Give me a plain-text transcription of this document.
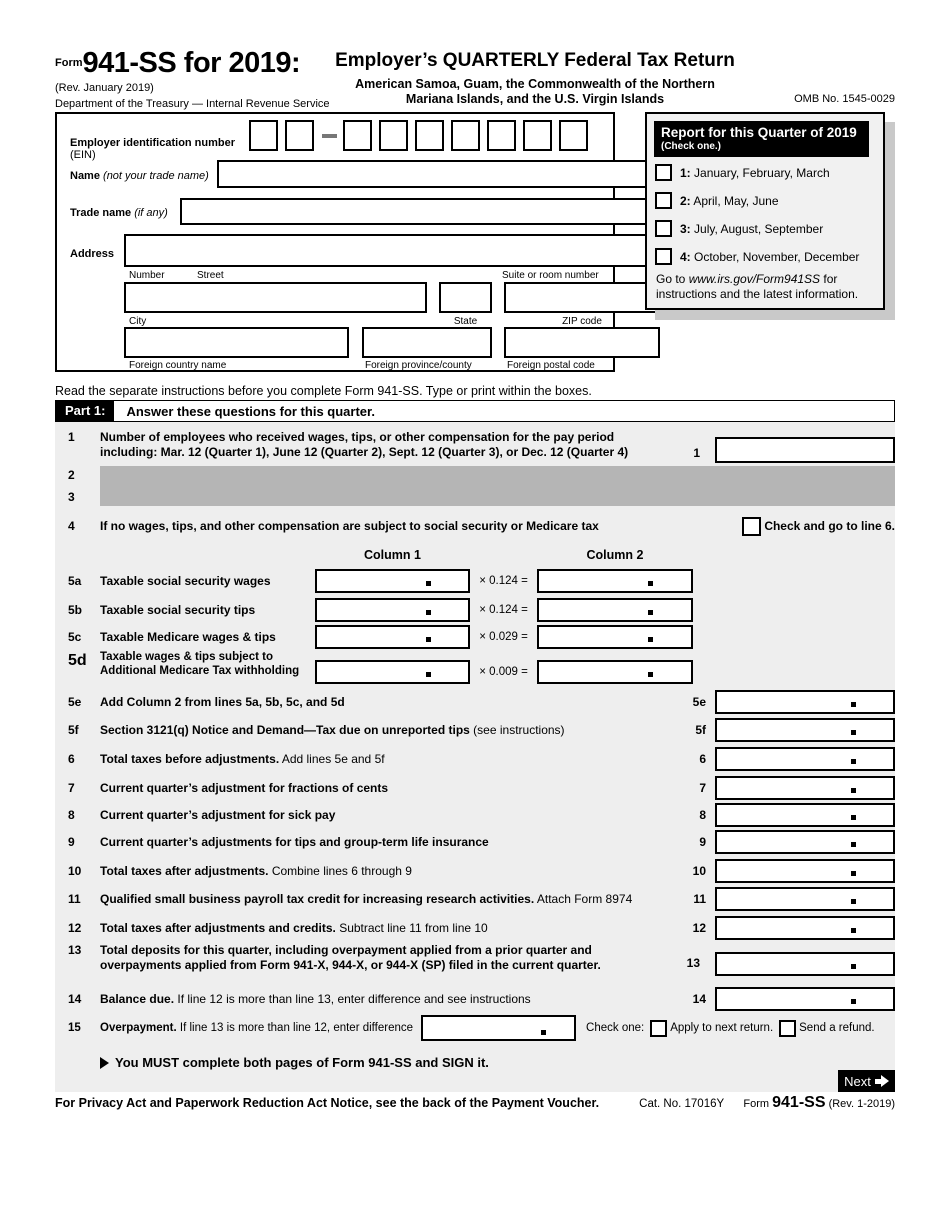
$^{Form}$941-SS for 2019:
(Rev. January 2019)
Department of the Treasury — Internal Revenue Service
Employer’s QUARTERLY Federal Tax Return
American Samoa, Guam, the Commonwealth of the Northern
Mariana Islands, and the U.S. Virgin Islands	OMB No. 1545-0029
Employer identification number (EIN)
Name (not your trade name)
Trade name (if any)
Address
Number	Street	Suite or room number
City	State	ZIP code
Foreign country name	Foreign province/county	Foreign postal code
Report for this Quarter of 2019
(Check one.)
1: January, February, March
2: April, May, June
3: July, August, September
4: October, November, December
Go to www.irs.gov/Form941SS for
instructions and the latest information.
Read the separate instructions before you complete Form 941-SS. Type or print within the boxes.
Part 1:	Answer these questions for this quarter.
Number of employees who received wages, tips, or other compensation for the pay period
including: Mar. 12 (Quarter 1), June 12 (Quarter 2), Sept. 12 (Quarter 3), or Dec. 12 (Quarter 4)
1
1
2
3
4	If no wages, tips, and other compensation are subject to social security or Medicare tax	Check and go to line 6.
Column 1	Column 2
5a	Taxable social security wages	× 0.124 =
5b	Taxable social security tips	× 0.124 =
5c	Taxable Medicare wages & tips	× 0.029 =
5d	Taxable wages & tips subject to
Additional Medicare Tax withholding	× 0.009 =
5e	Add Column 2 from lines 5a, 5b, 5c, and 5d	5e
5f	Section 3121(q) Notice and Demand—Tax due on unreported tips (see instructions)	5f
6	Total taxes before adjustments. Add lines 5e and 5f	6
7	Current quarter’s adjustment for fractions of cents	7
8	Current quarter’s adjustment for sick pay	8
9	Current quarter’s adjustments for tips and group-term life insurance	9
10	Total taxes after adjustments. Combine lines 6 through 9	10
11	Qualified small business payroll tax credit for increasing research activities. Attach Form 8974	11
12	Total taxes after adjustments and credits. Subtract line 11 from line 10	12
13 Total deposits for this quarter, including overpayment applied from a prior quarter and
overpayments applied from Form 941-X, 944-X, or 944-X (SP) filed in the current quarter.	13
14	Balance due. If line 12 is more than line 13, enter difference and see instructions	14
15	Overpayment. If line 13 is more than line 12, enter difference	Check one: Apply to next return. Send a refund.
You MUST complete both pages of Form 941-SS and SIGN it.
Next
For Privacy Act and Paperwork Reduction Act Notice, see the back of the Payment Voucher.	Cat. No. 17016Y Form 941-SS (Rev. 1-2019)
